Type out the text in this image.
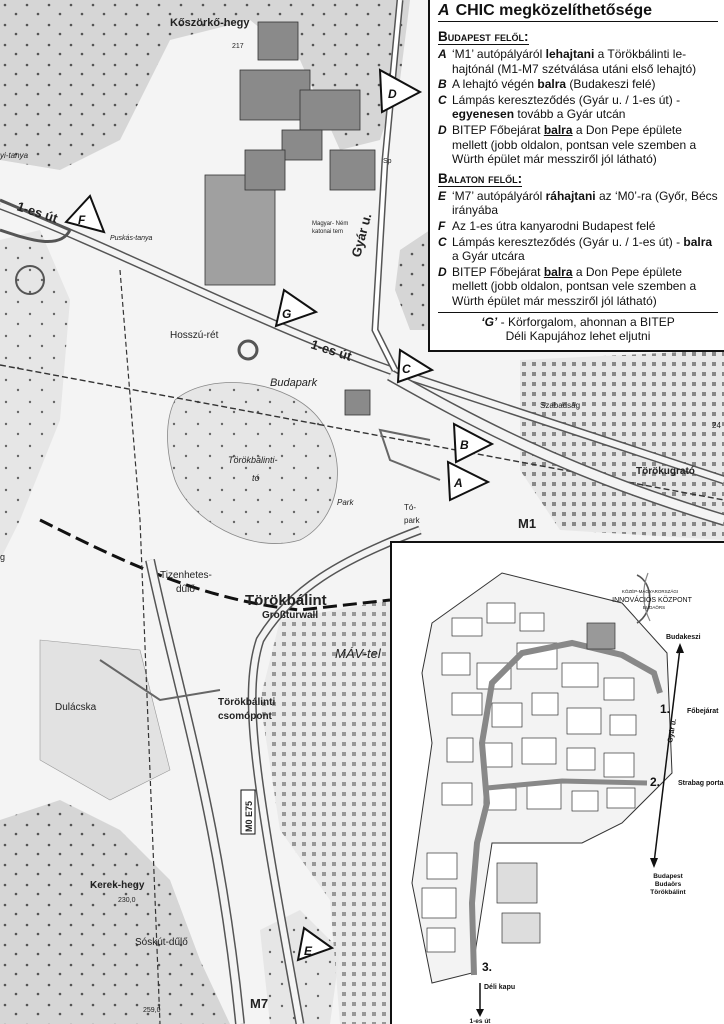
Kőszörkő-hegy
217
yi-tanya
Puskás-tanya
Hosszú-rét
Budapark
Törökbálinti-
tó
Park
Tó-
park
Tizenhetes-
dűlő
Törökbálint
Großturwall
MÁV-tel
Törökbálinti
csomópont
Dulácska
Kerek-hegy
230,0
Sóskút-dűlő
259,0
Törökugrató
Szabadság
Magyar- Ném
katonai tem
Sp
g
24
Gyár u.
1-es út
1-es út
M1
M7
M0 E75
D
F
G
C
B
A
E
A CHIC megközelíthetősége
Budapest felől:
A ‘M1’ autópályáról lehajtani a Törökbálinti le-hajtónál (M1-M7 szétválása utáni első lehajtó)
B A lehajtó végén balra (Budakeszi felé)
C Lámpás kereszteződés (Gyár u. / 1-es út) - egyenesen tovább a Gyár utcán
D BITEP Főbejárat balra a Don Pepe épülete mellett (jobb oldalon, pontsan vele szemben a Würth épület már messziről jól látható)
Balaton felől:
E ‘M7’ autópályáról ráhajtani az ‘M0’-ra (Győr, Bécs irányába
F Az 1-es útra kanyarodni Budapest felé
C Lámpás kereszteződés (Gyár u. / 1-es út) - balra a Gyár utcára
D BITEP Főbejárat balra a Don Pepe épülete mellett (jobb oldalon, pontsan vele szemben a Würth épület már messziről jól látható)
‘G’ - Körforgalom, ahonnan a BITEP
Déli Kapujához lehet eljutni
KÖZÉP-MAGYARORSZÁGI
INNOVÁCIÓS KÖZPONT
BUDAÖRS
Budakeszi
Főbejárat
1.
Strabag porta
2.
Gyár u.
Budapest
Budaörs
Törökbálint
3.
Déli kapu
1-es út
